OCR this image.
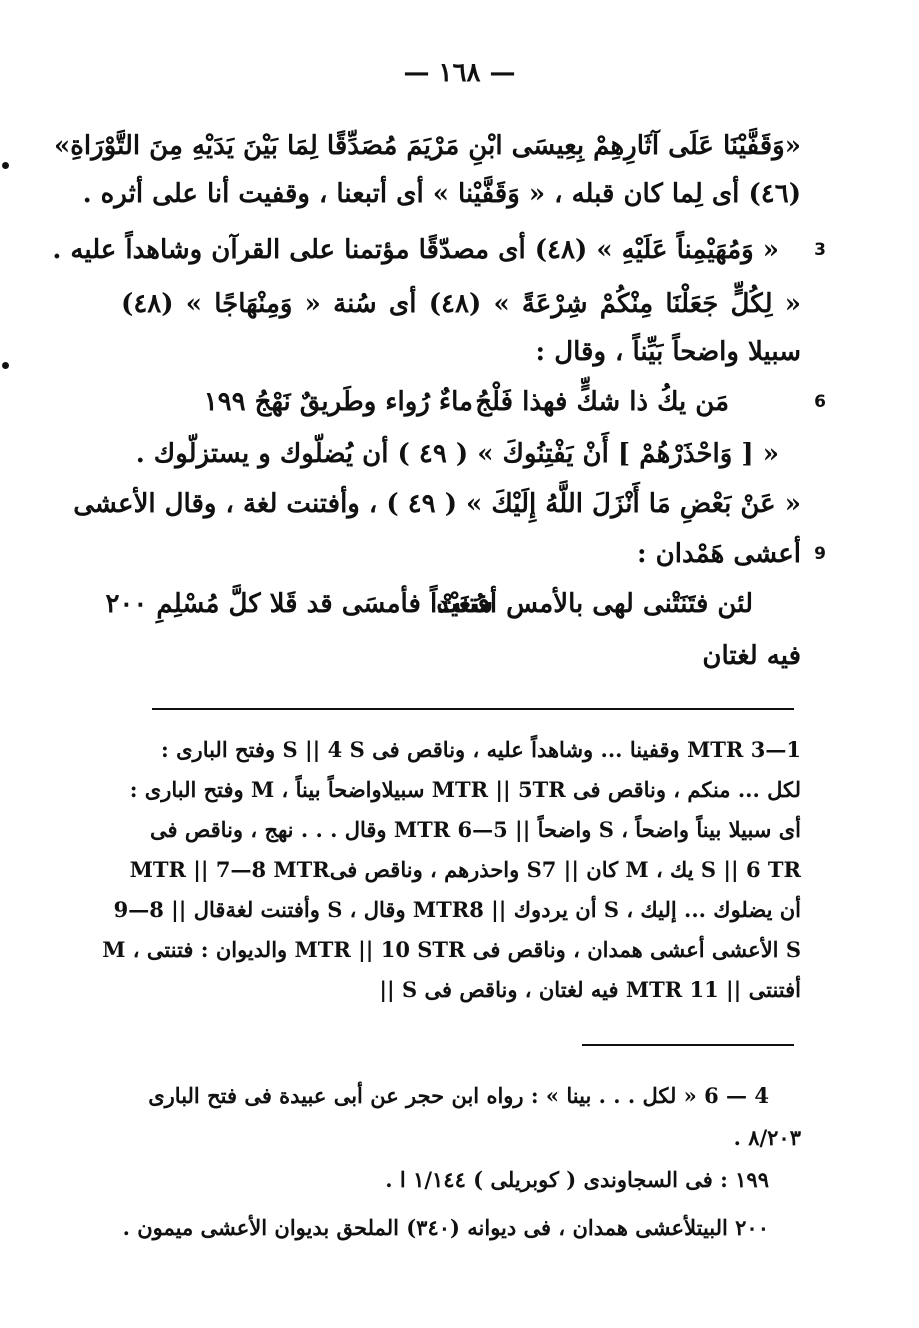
— ١٦٨ —
«وَقَفَّيْنَا عَلَى آثَارِهِمْ بِعِيسَى ابْنِ مَرْيَمَ مُصَدِّقًا لِمَا بَيْنَ يَدَيْهِ مِنَ التَّوْرَاةِ»
(٤٦) أى لِما كان قبله ، « وَقَفَّيْنا » أى أتبعنا ، وقفيت أنا على أثره .
3
« وَمُهَيْمِناً عَلَيْهِ » (٤٨) أى مصدّقًا مؤتمنا على القرآن وشاهداً عليه .
« لِكُلٍّ جَعَلْنَا مِنْكُمْ شِرْعَةً » (٤٨) أى سُنة « وَمِنْهَاجًا » (٤٨)
سبيلا واضحاً بَيِّناً ، وقال :
6
مَن يكُ ذا شكٍّ فهذا فَلْجُ
ماءٌ رُواء وطَريقٌ نَهْجُ ١٩٩
« [ وَاحْذَرْهُمْ ] أَنْ يَفْتِنُوكَ » ( ٤٩ ) أن يُضلّوك و يستزلّوك .
« عَنْ بَعْضِ مَا أَنْزَلَ اللَّهُ إِلَيْكَ » ( ٤٩ ) ، وأفتنت لغة ، وقال الأعشى
9
أعشى هَمْدان :
لئن فتَنَتْنى لهى بالأمس أفتنتْ
سُعَيْداً فأمسَى قد قَلا كلَّ مُسْلِمِ ٢٠٠
فيه لغتان
1—3 MTR وقفينا ... وشاهداً عليه ، وناقص فى S || 4 S وفتح البارى :
لكل ... منكم ، وناقص فى MTR || 5TR سبيلاواضحاً بيناً ، M وفتح البارى :
أى سبيلا بيناً واضحاً ، S واضحاً || 5—6 MTR وقال . . . نهج ، وناقص فى
S || 6 TR يك ، M كان || S7 واحذرهم ، وناقص فىMTR || 7—8 MTR
أن يضلوك ... إليك ، S أن يردوك || MTR8 وقال ، S وأفتنت لغةقال || 8—9
S الأعشى أعشى همدان ، وناقص فى MTR || 10 STR والديوان : فتنتى ، M
أفتنتى || 11 MTR فيه لغتان ، وناقص فى S ||
4 — 6 « لكل . . . بينا » : رواه ابن حجر عن أبى عبيدة فى فتح البارى
٨/٢٠٣ .
١٩٩ : فى السجاوندى ( كوبريلى ) ١/١٤٤ ا .
٢٠٠ البيتلأعشى همدان ، فى ديوانه (٣٤٠) الملحق بديوان الأعشى ميمون .
